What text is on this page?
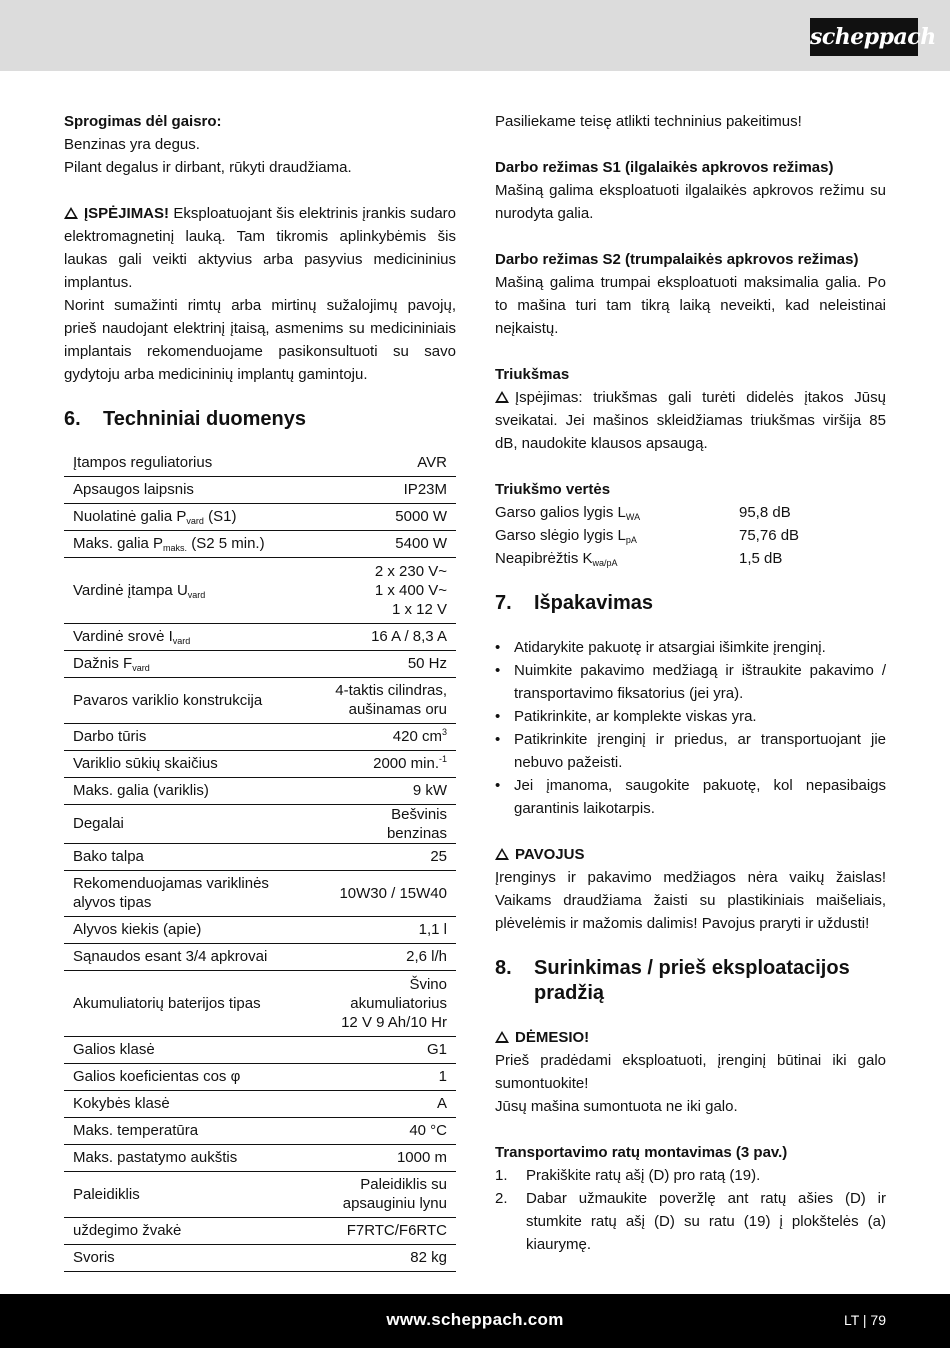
scheppach

Sprogimas dėl gaisro:

Benzinas yra degus.

Pilant degalus ir dirbant, rūkyti draudžiama.

ĮSPĖJIMAS! Eksploatuojant šis elektrinis įrankis sudaro elektromagnetinį lauką. Tam tikromis aplinkybėmis šis laukas gali veikti aktyvius arba pasyvius medicininius implantus.

Norint sumažinti rimtų arba mirtinų sužalojimų pavojų, prieš naudojant elektrinį įtaisą, asmenims su medicininiais implantais rekomenduojame pasikonsultuoti su savo gydytoju arba medicininių implantų gamintoju.

6.	Techniniai duomenys
Įtampos reguliatorius	AVR

Apsaugos laipsnis	IP23M

Nuolatinė galia $P_{vard}$ (S1)	5000 W

Maks. galia $P_{maks.}$ (S2 5 min.)	5400 W

Vardinė įtampa $U_{vard}$	2 x 230 V~
1 x 400 V~
1 x 12 V

Vardinė srovė $I_{vard}$	16 A / 8,3 A

Dažnis $F_{vard}$	50 Hz

Pavaros variklio konstrukcija	4-taktis cilindras,
aušinamas oru

Darbo tūris	420 $cm^3$

Variklio sūkių skaičius	2000 min.$^{-1}$

Maks. galia (variklis)	9 kW

Degalai	Bešvinis benzinas

Bako talpa	25

Rekomenduojamas variklinės alyvos tipas	10W30 / 15W40

Alyvos kiekis (apie)	1,1 l

Sąnaudos esant 3/4 apkrovai	2,6 l/h

Akumuliatorių baterijos tipas	Švino
akumuliatorius
12 V 9 Ah/10 Hr

Galios klasė	G1

Galios koeficientas cos φ	1

Kokybės klasė	A

Maks. temperatūra	40 °C

Maks. pastatymo aukštis	1000 m

Paleidiklis	Paleidiklis su
apsauginiu lynu

uždegimo žvakė	F7RTC/F6RTC

Svoris	82 kg

Pasiliekame teisę atlikti techninius pakeitimus!

Darbo režimas S1 (ilgalaikės apkrovos režimas)

Mašiną galima eksploatuoti ilgalaikės apkrovos režimu su nurodyta galia.

Darbo režimas S2 (trumpalaikės apkrovos režimas)

Mašiną galima trumpai eksploatuoti maksimalia galia. Po to mašina turi tam tikrą laiką neveikti, kad neleistinai neįkaistų.

Triukšmas

Įspėjimas: triukšmas gali turėti didelės įtakos Jūsų sveikatai. Jei mašinos skleidžiamas triukšmas viršija 85 dB, naudokite klausos apsaugą.

Triukšmo vertės

Garso galios lygis $L_{WA}$	95,8 dB
Garso slėgio lygis $L_{pA}$	75,76 dB
Neapibrėžtis $K_{wa/pA}$	1,5 dB
7.	Išpakavimas
• Atidarykite pakuotę ir atsargiai išimkite įrenginį.
• Nuimkite pakavimo medžiagą ir ištraukite pakavimo / transportavimo fiksatorius (jei yra).
• Patikrinkite, ar komplekte viskas yra.
• Patikrinkite įrenginį ir priedus, ar transportuojant jie nebuvo pažeisti.
• Jei įmanoma, saugokite pakuotę, kol nepasibaigs garantinis laikotarpis.

PAVOJUS

Įrenginys ir pakavimo medžiagos nėra vaikų žaislas! Vaikams draudžiama žaisti su plastikiniais maišeliais, plėvelėmis ir mažomis dalimis! Pavojus praryti ir uždusti!

8.	Surinkimas / prieš eksploatacijos pradžią

DĖMESIO!

Prieš pradėdami eksploatuoti, įrenginį būtinai iki galo sumontuokite!

Jūsų mašina sumontuota ne iki galo.

Transportavimo ratų montavimas (3 pav.)

1. Prakiškite ratų ašį (D) pro ratą (19).
2. Dabar užmaukite poveržlę ant ratų ašies (D) ir stumkite ratų ašį (D) su ratu (19) į plokštelės (a) kiaurymę.
www.scheppach.com	LT | 79
